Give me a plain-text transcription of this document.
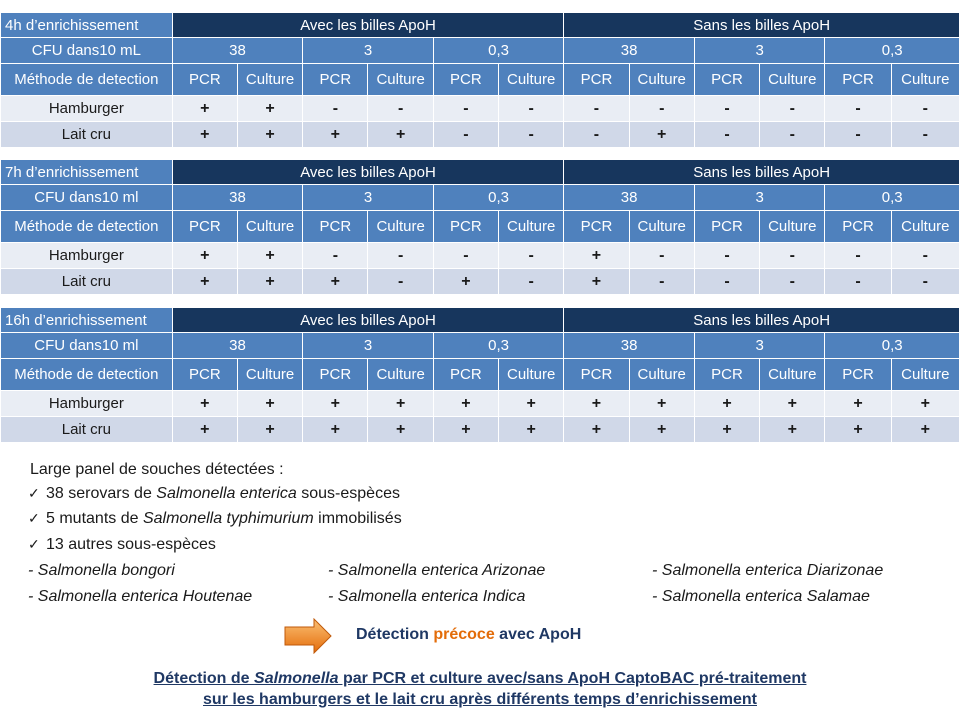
4h d’enrichissement	Avec les billes ApoH						Sans les billes ApoH					
CFU dans10 mL	38		3		0,3		38		3		0,3	
Méthode de detection	PCR	Culture	PCR	Culture	PCR	Culture	PCR	Culture	PCR	Culture	PCR	Culture
Hamburger	+	+	-	-	-	-	-	-	-	-	-	-
Lait cru	+	+	+	+	-	-	-	+	-	-	-	-
7h d’enrichissement	Avec les billes ApoH						Sans les billes ApoH					
CFU dans10 ml	38		3		0,3		38		3		0,3	
Méthode de detection	PCR	Culture	PCR	Culture	PCR	Culture	PCR	Culture	PCR	Culture	PCR	Culture
Hamburger	+	+	-	-	-	-	+	-	-	-	-	-
Lait cru	+	+	+	-	+	-	+	-	-	-	-	-
16h d’enrichissement	Avec les billes ApoH						Sans les billes ApoH					
CFU dans10 ml	38		3		0,3		38		3		0,3	
Méthode de detection	PCR	Culture	PCR	Culture	PCR	Culture	PCR	Culture	PCR	Culture	PCR	Culture
Hamburger	+	+	+	+	+	+	+	+	+	+	+	+
Lait cru	+	+	+	+	+	+	+	+	+	+	+	+
Large panel de souches détectées :
✓ 38 serovars de Salmonella enterica sous-espèces
✓ 5 mutants de Salmonella typhimurium immobilisés
✓ 13 autres sous-espèces
- Salmonella bongori	- Salmonella enterica Arizonae	- Salmonella enterica Diarizonae
- Salmonella enterica Houtenae	- Salmonella enterica Indica	- Salmonella enterica Salamae
Détection précoce avec ApoH
Détection de Salmonella par PCR et culture avec/sans ApoH CaptoBAC pré-traitement
sur les hamburgers et le lait cru après différents temps d’enrichissement
